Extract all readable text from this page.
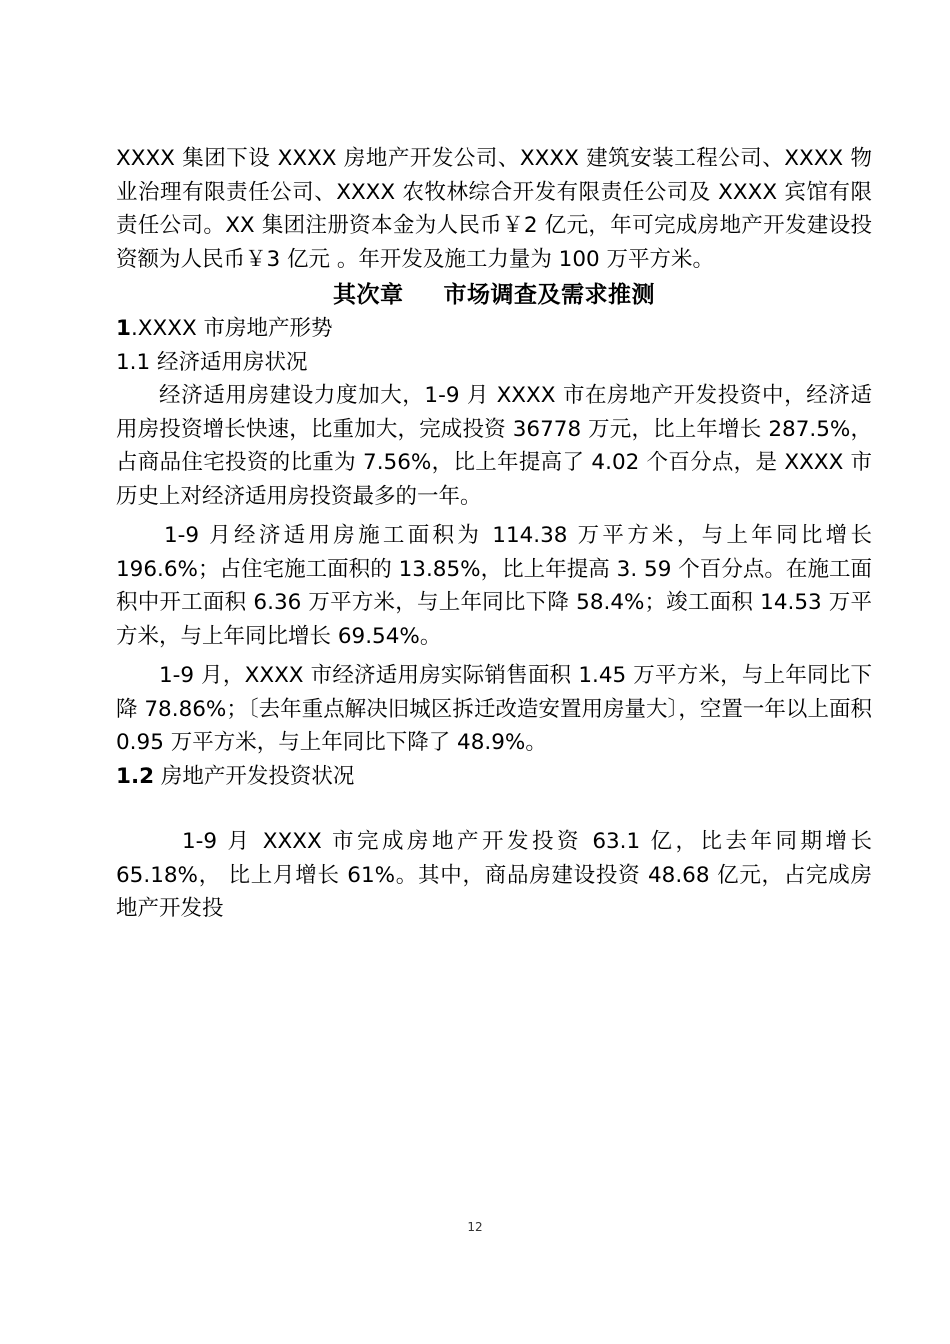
XXXX 集团下设 XXXX 房地产开发公司、XXXX 建筑安装工程公司、XXXX 物业治理有限责任公司、XXXX 农牧林综合开发有限责任公司及 XXXX 宾馆有限责任公司。XX 集团注册资本金为人民币￥2 亿元，年可完成房地产开发建设投资额为人民币￥3 亿元 。年开发及施工力量为 100 万平方米。

其次章 市场调查及需求推测
1.XXXX 市房地产形势
1.1 经济适用房状况

经济适用房建设力度加大，1-9 月 XXXX 市在房地产开发投资中，经济适用房投资增长快速，比重加大，完成投资 36778 万元，比上年增长 287.5%，占商品住宅投资的比重为 7.56%，比上年提高了 4.02 个百分点，是 XXXX 市历史上对经济适用房投资最多的一年。

1-9 月经济适用房施工面积为 114.38 万平方米，与上年同比增长 196.6%；占住宅施工面积的 13.85%，比上年提高 3. 59 个百分点。在施工面积中开工面积 6.36 万平方米，与上年同比下降 58.4%；竣工面积 14.53 万平方米，与上年同比增长 69.54%。

1-9 月，XXXX 市经济适用房实际销售面积 1.45 万平方米，与上年同比下降 78.86%；〔去年重点解决旧城区拆迁改造安置用房量大〕，空置一年以上面积 0.95 万平方米，与上年同比下降了 48.9%。

1.2 房地产开发投资状况

1-9 月 XXXX 市完成房地产开发投资 63.1 亿，比去年同期增长 65.18%， 比上月增长 61%。其中，商品房建设投资 48.68 亿元，占完成房地产开发投

12
